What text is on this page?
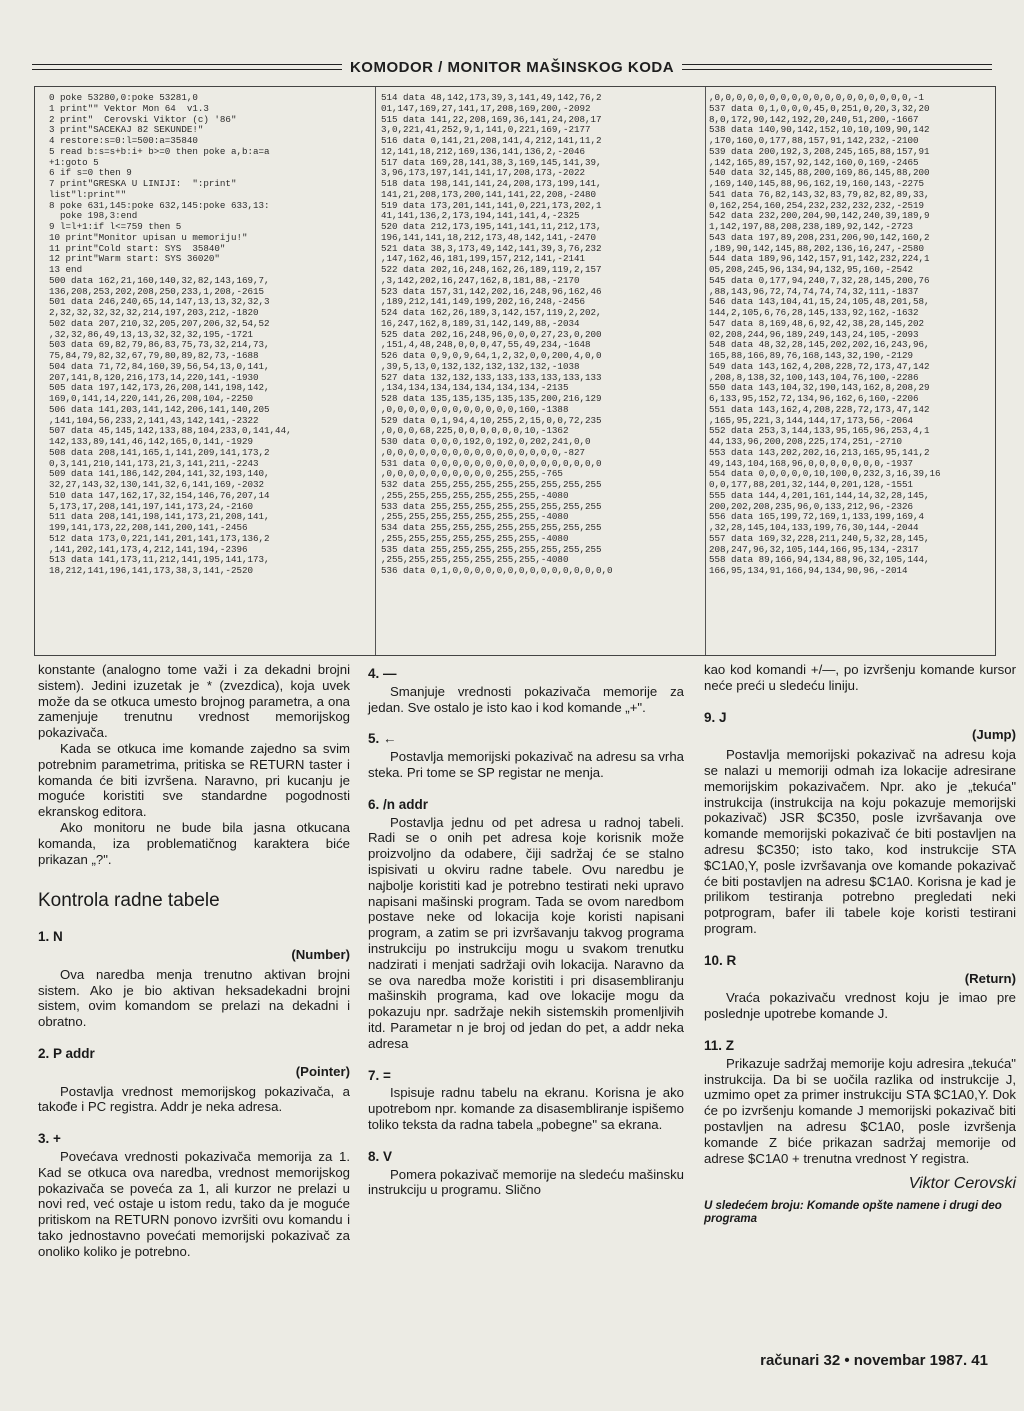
KOMODOR / MONITOR MAŠINSKOG KODA
0 poke 53280,0:poke 53281,0
1 print"" Vektor Mon 64  v1.3
2 print"  Cerovski Viktor (c) '86"
3 print"SACEKAJ 82 SEKUNDE!"
4 restore:s=0:l=500:a=35840
5 read b:s=s+b:i+ b>=0 then poke a,b:a=a
+1:goto 5
6 if s=0 then 9
7 print"GRESKA U LINIJI:  ":print"
list"l:print""
8 poke 631,145:poke 632,145:poke 633,13:
poke 198,3:end
9 l=l+1:if l<=759 then 5
10 print"Monitor upisan u memoriju!"
11 print"Cold start: SYS  35840"
12 print"Warm start: SYS 36020"
13 end
500 data 162,21,160,140,32,82,143,169,7,
136,208,253,202,208,250,233,1,208,-2615
501 data 246,240,65,14,147,13,13,32,32,3
2,32,32,32,32,32,214,197,203,212,-1820
502 data 207,210,32,205,207,206,32,54,52
,32,32,86,49,13,13,32,32,32,195,-1721
503 data 69,82,79,86,83,75,73,32,214,73,
75,84,79,82,32,67,79,80,89,82,73,-1688
504 data 71,72,84,160,39,56,54,13,0,141,
207,141,8,120,216,173,14,220,141,-1930
505 data 197,142,173,26,208,141,198,142,
169,0,141,14,220,141,26,208,104,-2250
506 data 141,203,141,142,206,141,140,205
,141,104,56,233,2,141,43,142,141,-2322
507 data 45,145,142,133,88,104,233,0,141,44,
142,133,89,141,46,142,165,0,141,-1929
508 data 208,141,165,1,141,209,141,173,2
0,3,141,210,141,173,21,3,141,211,-2243
509 data 141,186,142,204,141,32,193,140,
32,27,143,32,130,141,32,6,141,169,-2032
510 data 147,162,17,32,154,146,76,207,14
5,173,17,208,141,197,141,173,24,-2160
511 data 208,141,198,141,173,21,208,141,
199,141,173,22,208,141,200,141,-2456
512 data 173,0,221,141,201,141,173,136,2
,141,202,141,173,4,212,141,194,-2396
513 data 141,173,11,212,141,195,141,173,
18,212,141,196,141,173,38,3,141,-2520
514 data 48,142,173,39,3,141,49,142,76,2
01,147,169,27,141,17,208,169,200,-2092
515 data 141,22,208,169,36,141,24,208,17
3,0,221,41,252,9,1,141,0,221,169,-2177
516 data 0,141,21,208,141,4,212,141,11,2
12,141,18,212,169,136,141,136,2,-2046
517 data 169,28,141,38,3,169,145,141,39,
3,96,173,197,141,141,17,208,173,-2022
518 data 198,141,141,24,208,173,199,141,
141,21,208,173,200,141,141,22,208,-2480
519 data 173,201,141,141,0,221,173,202,1
41,141,136,2,173,194,141,141,4,-2325
520 data 212,173,195,141,141,11,212,173,
196,141,141,18,212,173,48,142,141,-2470
521 data 38,3,173,49,142,141,39,3,76,232
,147,162,46,181,199,157,212,141,-2141
522 data 202,16,248,162,26,189,119,2,157
,3,142,202,16,247,162,8,181,88,-2170
523 data 157,31,142,202,16,248,96,162,46
,189,212,141,149,199,202,16,248,-2456
524 data 162,26,189,3,142,157,119,2,202,
16,247,162,8,189,31,142,149,88,-2034
525 data 202,16,248,96,0,0,0,27,23,0,200
,151,4,48,248,0,0,0,47,55,49,234,-1648
526 data 0,9,0,9,64,1,2,32,0,0,200,4,0,0
,39,5,13,0,132,132,132,132,132,-1038
527 data 132,132,133,133,133,133,133,133
,134,134,134,134,134,134,134,-2135
528 data 135,135,135,135,135,200,216,129
,0,0,0,0,0,0,0,0,0,0,0,0,160,-1388
529 data 0,1,94,4,10,255,2,15,0,0,72,235
,0,0,0,68,225,0,0,0,0,0,0,10,-1362
530 data 0,0,0,192,0,192,0,202,241,0,0
,0,0,0,0,0,0,0,0,0,0,0,0,0,0,0,0,-827
531 data 0,0,0,0,0,0,0,0,0,0,0,0,0,0,0,0
,0,0,0,0,0,0,0,0,0,0,255,255,-765
532 data 255,255,255,255,255,255,255,255
,255,255,255,255,255,255,255,-4080
533 data 255,255,255,255,255,255,255,255
,255,255,255,255,255,255,255,-4080
534 data 255,255,255,255,255,255,255,255
,255,255,255,255,255,255,255,-4080
535 data 255,255,255,255,255,255,255,255
,255,255,255,255,255,255,255,-4080
536 data 0,1,0,0,0,0,0,0,0,0,0,0,0,0,0,0,0
,0,0,0,0,0,0,0,0,0,0,0,0,0,0,0,0,0,0,-1
537 data 0,1,0,0,0,45,0,251,0,20,3,32,20
8,0,172,90,142,192,20,240,51,200,-1667
538 data 140,90,142,152,10,10,109,90,142
,170,160,0,177,88,157,91,142,232,-2100
539 data 200,192,3,208,245,165,88,157,91
,142,165,89,157,92,142,160,0,169,-2465
540 data 32,145,88,200,169,86,145,88,200
,169,140,145,88,96,162,19,160,143,-2275
541 data 76,82,143,32,83,79,82,82,89,33,
0,162,254,160,254,232,232,232,232,-2519
542 data 232,200,204,90,142,240,39,189,9
1,142,197,88,208,238,189,92,142,-2723
543 data 197,89,208,231,206,90,142,160,2
,189,90,142,145,88,202,136,16,247,-2580
544 data 189,96,142,157,91,142,232,224,1
05,208,245,96,134,94,132,95,160,-2542
545 data 0,177,94,240,7,32,28,145,200,76
,88,143,96,72,74,74,74,74,32,111,-1837
546 data 143,104,41,15,24,105,48,201,58,
144,2,105,6,76,28,145,133,92,162,-1632
547 data 8,169,48,6,92,42,38,28,145,202
02,208,244,96,189,249,143,24,105,-2093
548 data 48,32,28,145,202,202,16,243,96,
165,88,166,89,76,168,143,32,190,-2129
549 data 143,162,4,208,228,72,173,47,142
,208,8,138,32,100,143,104,76,100,-2286
550 data 143,104,32,190,143,162,8,208,29
6,133,95,152,72,134,96,162,6,160,-2206
551 data 143,162,4,208,228,72,173,47,142
,165,95,221,3,144,144,17,173,56,-2064
552 data 253,3,144,133,95,165,96,253,4,1
44,133,96,200,208,225,174,251,-2710
553 data 143,202,202,16,213,165,95,141,2
49,143,104,168,96,0,0,0,0,0,0,0,-1937
554 data 0,0,0,0,0,10,100,0,232,3,16,39,16
0,0,177,88,201,32,144,0,201,128,-1551
555 data 144,4,201,161,144,14,32,28,145,
200,202,208,235,96,0,133,212,96,-2326
556 data 165,199,72,169,1,133,199,169,4
,32,28,145,104,133,199,76,30,144,-2044
557 data 169,32,228,211,240,5,32,28,145,
208,247,96,32,105,144,166,95,134,-2317
558 data 89,166,94,134,88,96,32,105,144,
166,95,134,91,166,94,134,90,96,-2014

konstante (analogno tome važi i za dekadni brojni sistem). Jedini izuzetak je * (zvezdica), koja uvek može da se otkuca umesto brojnog parametra, a ona zamenjuje trenutnu vrednost memorijskog pokazivača.

Kada se otkuca ime komande zajedno sa svim potrebnim parametrima, pritiska se RETURN taster i komanda će biti izvršena. Naravno, pri kucanju je moguće koristiti sve standardne pogodnosti ekranskog editora.

Ako monitoru ne bude bila jasna otkucana komanda, iza problematičnog karaktera biće prikazan „?".

Kontrola radne tabele
1. N
(Number)

Ova naredba menja trenutno aktivan brojni sistem. Ako je bio aktivan heksadekadni brojni sistem, ovim komandom se prelazi na dekadni i obratno.

2. P addr
(Pointer)

Postavlja vrednost memorijskog pokazivača, a takođe i PC registra. Addr je neka adresa.

3. +

Povećava vrednosti pokazivača memorija za 1. Kad se otkuca ova naredba, vrednost memorijskog pokazivača se poveća za 1, ali kurzor ne prelazi u novi red, već ostaje u istom redu, tako da je moguće pritiskom na RETURN ponovo izvršiti ovu komandu i tako jednostavno povećati memorijski pokazivač za onoliko koliko je potrebno.

4. —

Smanjuje vrednosti pokazivača memorije za jedan. Sve ostalo je isto kao i kod komande „+".

5. ←

Postavlja memorijski pokazivač na adresu sa vrha steka. Pri tome se SP registar ne menja.

6. /n addr

Postavlja jednu od pet adresa u radnoj tabeli. Radi se o onih pet adresa koje korisnik može proizvoljno da odabere, čiji sadržaj će se stalno ispisivati u okviru radne tabele. Ovu naredbu je najbolje koristiti kad je potrebno testirati neki upravo napisani mašinski program. Tada se ovom naredbom postave neke od lokacija koje koristi napisani program, a zatim se pri izvršavanju takvog programa instrukciju po instrukciju mogu u svakom trenutku nadzirati i menjati sadržaji ovih lokacija. Naravno da se ova naredba može koristiti i pri disasembliranju mašinskih programa, kad ove lokacije mogu da pokazuju npr. sadržaje nekih sistemskih promenljivih itd. Parametar n je broj od jedan do pet, a addr neka adresa

7. =

Ispisuje radnu tabelu na ekranu. Korisna je ako upotrebom npr. komande za disasembliranje ispišemo toliko teksta da radna tabela „pobegne" sa ekrana.

8. V

Pomera pokazivač memorije na sledeću mašinsku instrukciju u programu. Slično

kao kod komandi +/—, po izvršenju komande kursor neće preći u sledeću liniju.

9. J
(Jump)

Postavlja memorijski pokazivač na adresu koja se nalazi u memoriji odmah iza lokacije adresirane memorijskim pokazivačem. Npr. ako je „tekuća" instrukcija (instrukcija na koju pokazuje memorijski pokazivač) JSR $C350, posle izvršavanja ove komande memorijski pokazivač će biti postavljen na adresu $C350; isto tako, kod instrukcije STA $C1A0,Y, posle izvršavanja ove komande pokazivač će biti postavljen na adresu $C1A0. Korisna je kad je prilikom testiranja potrebno pregledati neki potprogram, bafer ili tabele koje koristi testirani program.

10. R
(Return)

Vraća pokazivaču vrednost koju je imao pre poslednje upotrebe komande J.

11. Z

Prikazuje sadržaj memorije koju adresira „tekuća" instrukcija. Da bi se uočila razlika od instrukcije J, uzmimo opet za primer instrukciju STA $C1A0,Y. Dok će po izvršenju komande J memorijski pokazivač biti postavljen na adresu $C1A0, posle izvršenja komande Z biće prikazan sadržaj memorije od adrese $C1A0 + trenutna vrednost Y registra.

Viktor Cerovski
U sledećem broju: Komande opšte namene i drugi deo programa
računari 32 • novembar 1987. 41
